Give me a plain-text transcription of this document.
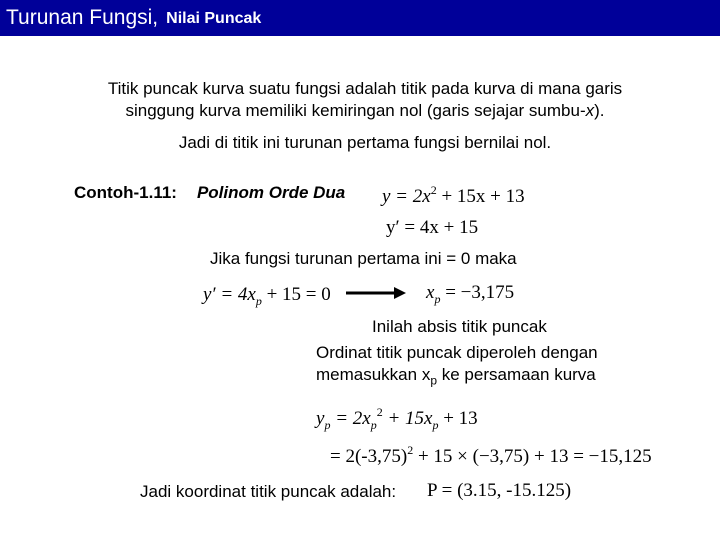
Turunan Fungsi, Nilai Puncak
Titik puncak kurva suatu fungsi adalah titik pada kurva di mana garis
singgung kurva memiliki kemiringan nol (garis sejajar sumbu-x).
Jadi di titik ini turunan pertama fungsi bernilai nol.
Contoh-1.11: Polinom Orde Dua $y = 2x^2 + 15x + 13$
y′ = 4x + 15
Jika fungsi turunan pertama ini = 0 maka
$y' = 4x_p + 15 = 0$	$x_p = -3,175$
Inilah absis titik puncak
Ordinat titik puncak diperoleh dengan
memasukkan $x_p$ ke persamaan kurva
$y_p = 2x_p^2 + 15x_p + 13$
= $2(-3,75)^2 + 15 \times (-3,75) + 13 = -15,125$
Jadi koordinat titik puncak adalah: P = (3.15, -15.125)
